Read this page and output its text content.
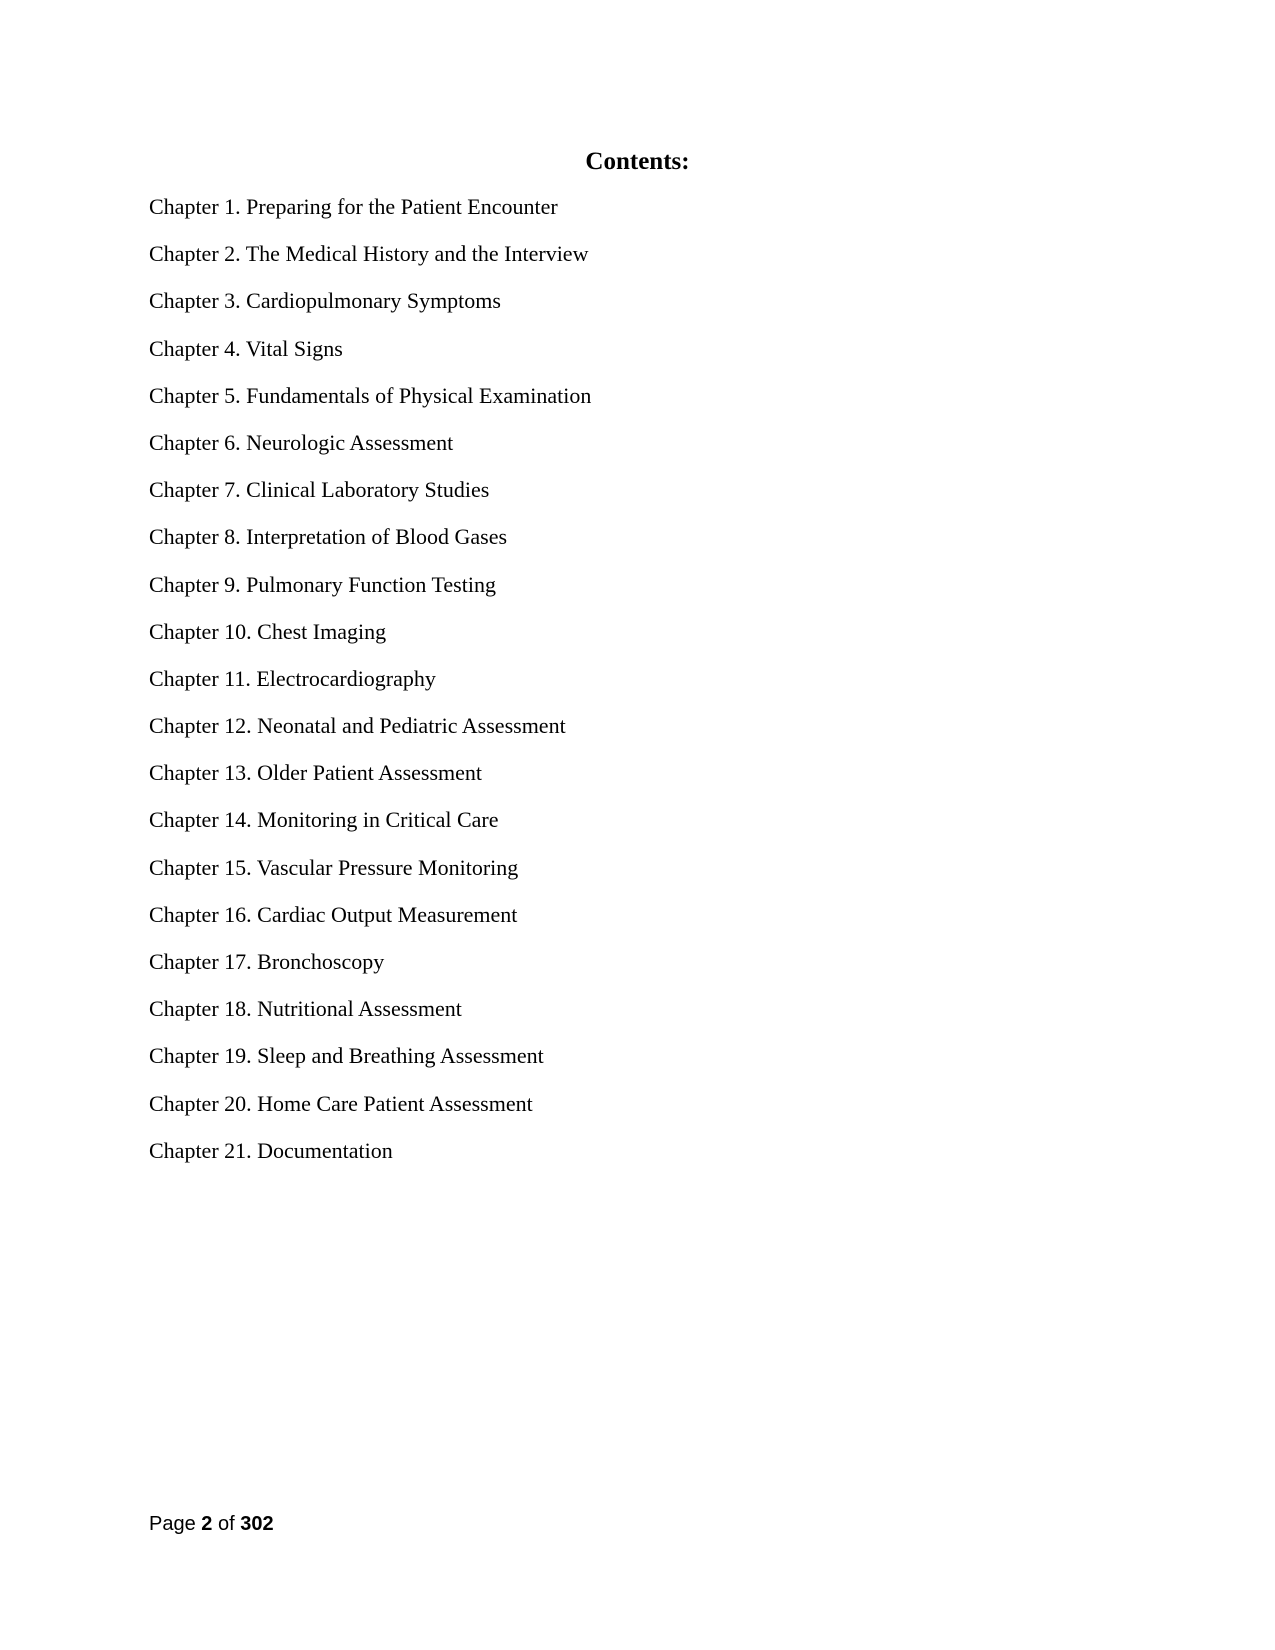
Contents:
Chapter 1. Preparing for the Patient Encounter
Chapter 2. The Medical History and the Interview
Chapter 3. Cardiopulmonary Symptoms
Chapter 4. Vital Signs
Chapter 5. Fundamentals of Physical Examination
Chapter 6. Neurologic Assessment
Chapter 7. Clinical Laboratory Studies
Chapter 8. Interpretation of Blood Gases
Chapter 9. Pulmonary Function Testing
Chapter 10. Chest Imaging
Chapter 11. Electrocardiography
Chapter 12. Neonatal and Pediatric Assessment
Chapter 13. Older Patient Assessment
Chapter 14. Monitoring in Critical Care
Chapter 15. Vascular Pressure Monitoring
Chapter 16. Cardiac Output Measurement
Chapter 17. Bronchoscopy
Chapter 18. Nutritional Assessment
Chapter 19. Sleep and Breathing Assessment
Chapter 20. Home Care Patient Assessment
Chapter 21. Documentation
Page 2 of 302
